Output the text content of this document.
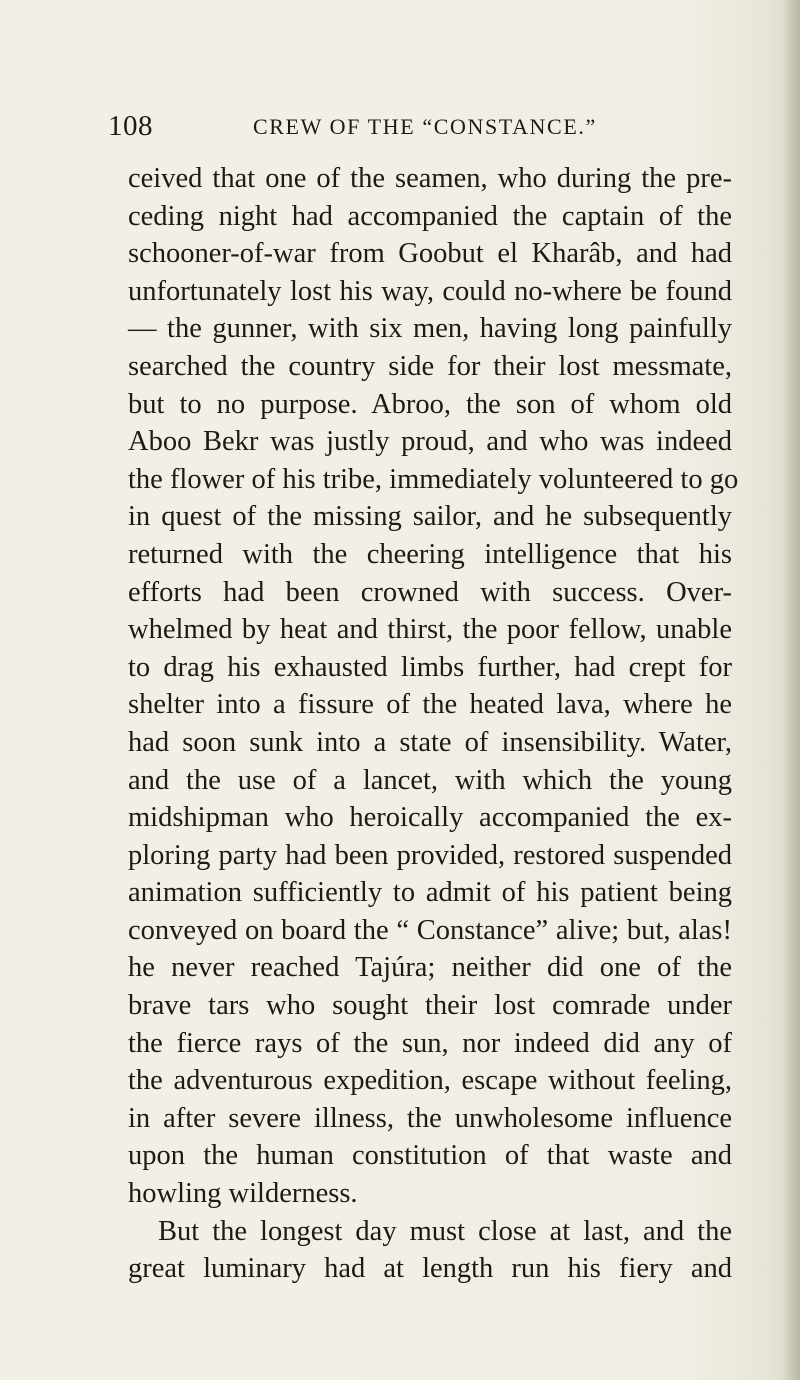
108	CREW OF THE “CONSTANCE.”
ceived that one of the seamen, who during the pre-
ceding night had accompanied the captain of the
schooner-of-war from Goobut el Kharâb, and had
unfortunately lost his way, could no-where be found
— the gunner, with six men, having long painfully
searched the country side for their lost messmate,
but to no purpose. Abroo, the son of whom old
Aboo Bekr was justly proud, and who was indeed
the flower of his tribe, immediately volunteered to go
in quest of the missing sailor, and he subsequently
returned with the cheering intelligence that his
efforts had been crowned with success. Over-
whelmed by heat and thirst, the poor fellow, unable
to drag his exhausted limbs further, had crept for
shelter into a fissure of the heated lava, where he
had soon sunk into a state of insensibility. Water,
and the use of a lancet, with which the young
midshipman who heroically accompanied the ex-
ploring party had been provided, restored suspended
animation sufficiently to admit of his patient being
conveyed on board the “ Constance” alive; but, alas!
he never reached Tajúra; neither did one of the
brave tars who sought their lost comrade under
the fierce rays of the sun, nor indeed did any of
the adventurous expedition, escape without feeling,
in after severe illness, the unwholesome influence
upon the human constitution of that waste and
howling wilderness.
But the longest day must close at last, and the
great luminary had at length run his fiery and
